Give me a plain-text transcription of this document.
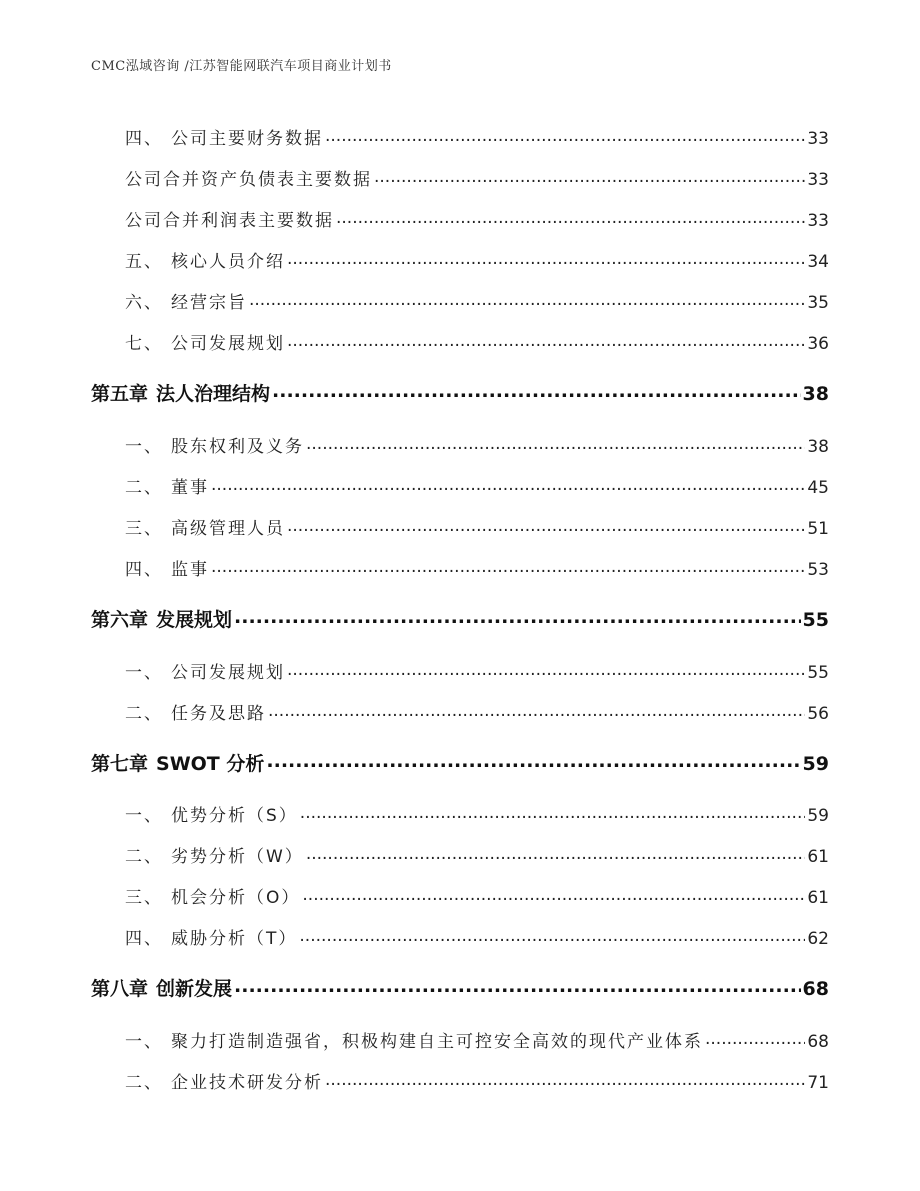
CMC泓域咨询 /江苏智能网联汽车项目商业计划书
四、 公司主要财务数据 .....	33
公司合并资产负债表主要数据 .....	33
公司合并利润表主要数据 .....	33
五、 核心人员介绍 .....	34
六、 经营宗旨 .....	35
七、 公司发展规划 .....	36
第五章 法人治理结构 .....	38
一、 股东权利及义务 .....	38
二、 董事 .....	45
三、 高级管理人员 .....	51
四、 监事 .....	53
第六章 发展规划 .....	55
一、 公司发展规划 .....	55
二、 任务及思路 .....	56
第七章 SWOT 分析 .....	59
一、 优势分析（S） .....	59
二、 劣势分析（W） .....	61
三、 机会分析（O） .....	61
四、 威胁分析（T） .....	62
第八章 创新发展 .....	68
一、 聚力打造制造强省，积极构建自主可控安全高效的现代产业体系 .....	68
二、 企业技术研发分析 .....	71
